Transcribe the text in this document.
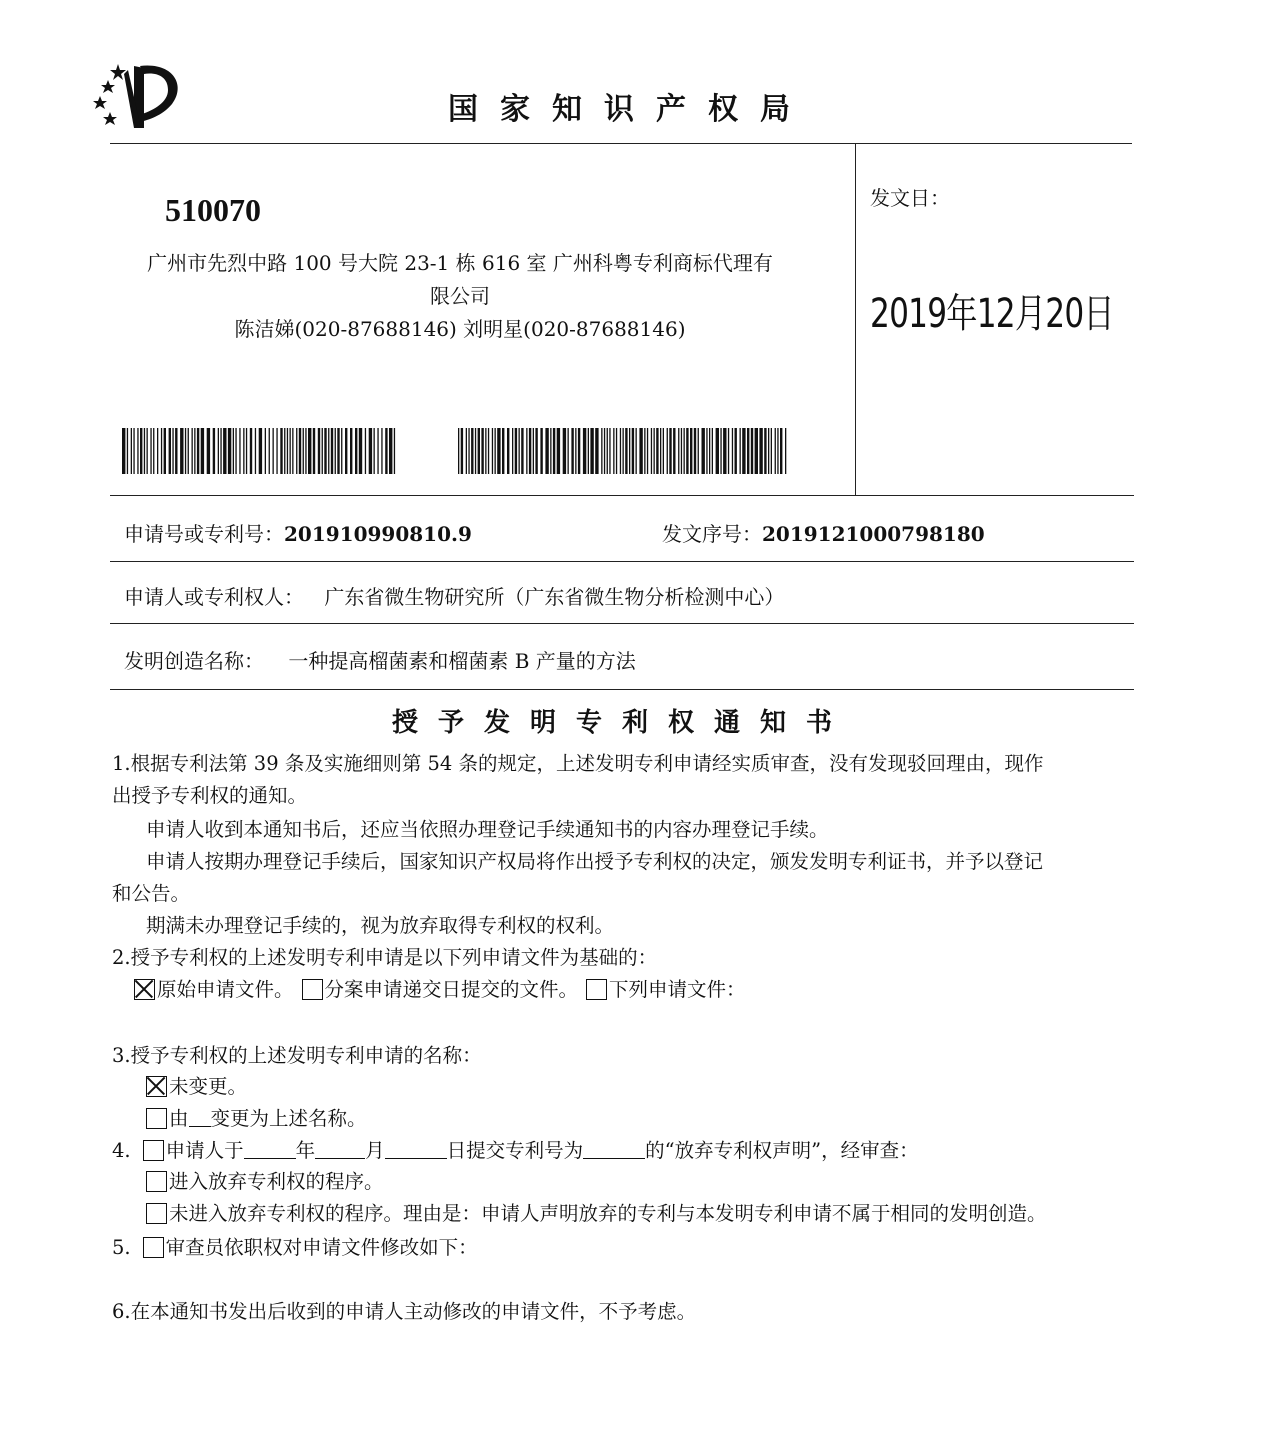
国家知识产权局
510070
广州市先烈中路 100 号大院 23-1 栋 616 室 广州科粤专利商标代理有
限公司
陈洁娣(020-87688146) 刘明星(020-87688146)
发文日：
2019年12月20日
申请号或专利号：201910990810.9	发文序号：2019121000798180
申请人或专利权人： 广东省微生物研究所（广东省微生物分析检测中心）
发明创造名称： 一种提高榴菌素和榴菌素 B 产量的方法
授予发明专利权通知书
1.根据专利法第 39 条及实施细则第 54 条的规定，上述发明专利申请经实质审查，没有发现驳回理由，现作
出授予专利权的通知。
申请人收到本通知书后，还应当依照办理登记手续通知书的内容办理登记手续。
申请人按期办理登记手续后，国家知识产权局将作出授予专利权的决定，颁发发明专利证书，并予以登记
和公告。
期满未办理登记手续的，视为放弃取得专利权的权利。
2.授予专利权的上述发明专利申请是以下列申请文件为基础的：
原始申请文件。 分案申请递交日提交的文件。 下列申请文件：
3.授予专利权的上述发明专利申请的名称：
未变更。
由 变更为上述名称。
4. 申请人于	年	月	日提交专利号为	的“放弃专利权声明”，经审查：
进入放弃专利权的程序。
未进入放弃专利权的程序。理由是：申请人声明放弃的专利与本发明专利申请不属于相同的发明创造。
5. 审查员依职权对申请文件修改如下：
6.在本通知书发出后收到的申请人主动修改的申请文件，不予考虑。
